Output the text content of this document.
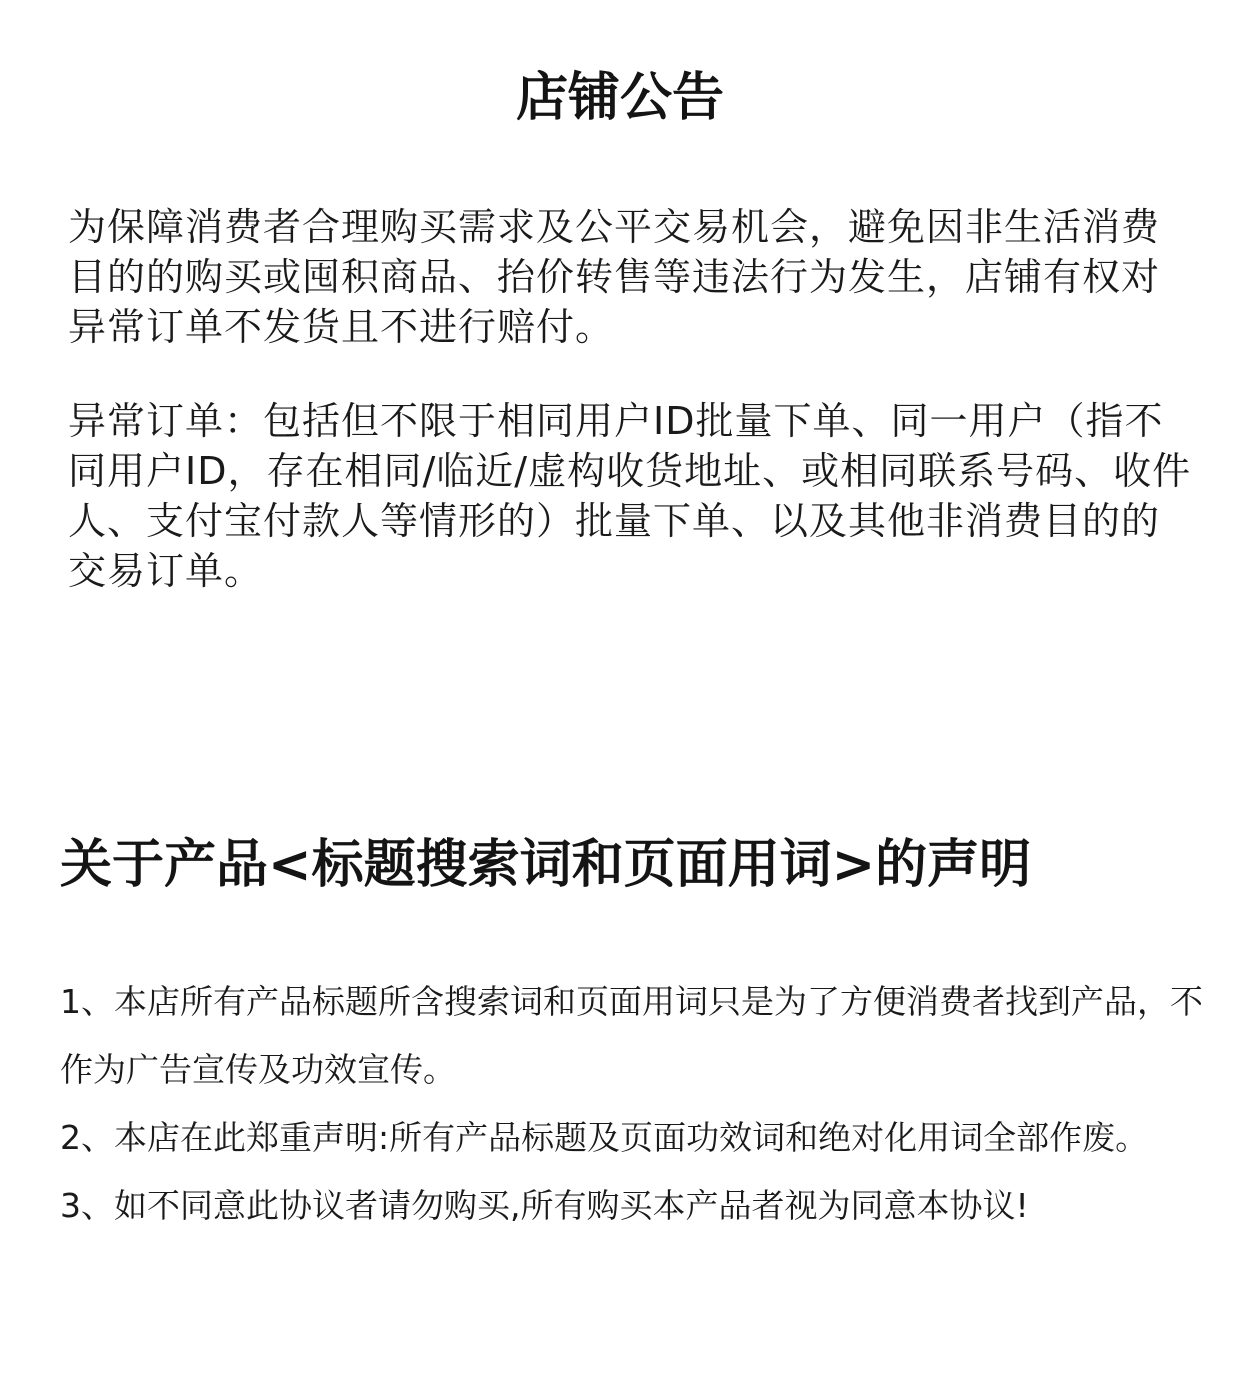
店铺公告

为保障消费者合理购买需求及公平交易机会，避免因非生活消费目的的购买或囤积商品、抬价转售等违法行为发生，店铺有权对异常订单不发货且不进行赔付。

异常订单：包括但不限于相同用户ID批量下单、同一用户（指不同用户ID，存在相同/临近/虚构收货地址、或相同联系号码、收件人、支付宝付款人等情形的）批量下单、以及其他非消费目的的交易订单。

关于产品<标题搜索词和页面用词>的声明
1、本店所有产品标题所含搜索词和页面用词只是为了方便消费者找到产品，不作为广告宣传及功效宣传。
2、本店在此郑重声明:所有产品标题及页面功效词和绝对化用词全部作废。
3、如不同意此协议者请勿购买,所有购买本产品者视为同意本协议!
